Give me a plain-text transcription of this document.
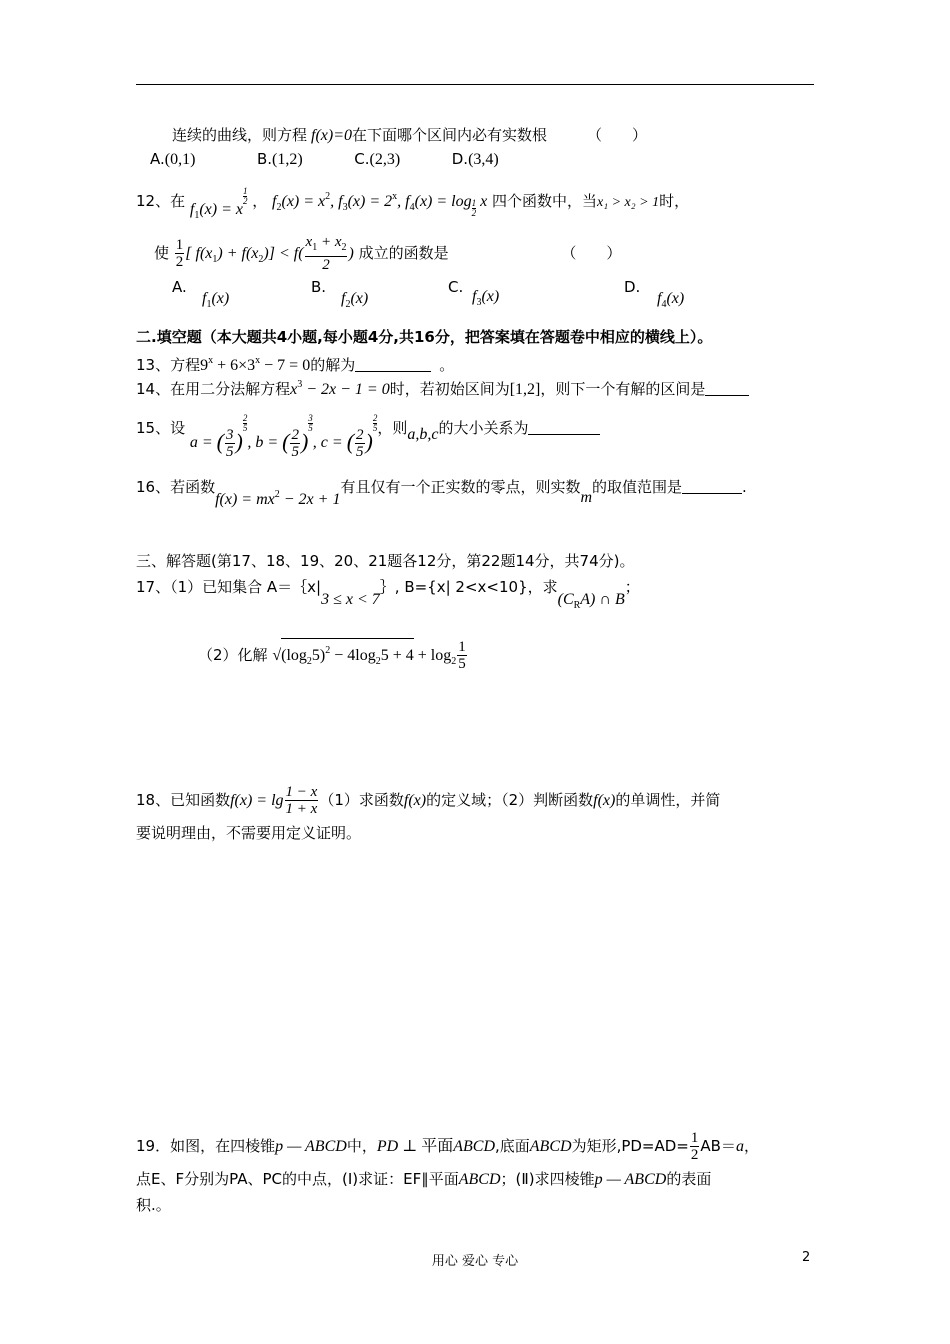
连续的曲线，则方程 f(x)=0在下面哪个区间内必有实数根	（　　）
A.(0,1)	B.(1,2)	C.(2,3)	D.(3,4)
12、在 $f_1(x) = x$
$\frac{1}{2}$ ， $f_2(x) = x^2$, $f_3(x) = 2^x$, $f_4(x) = \log \frac{1}{2}$ x 四个函数中，当x₁ > x₂ > 1时，
使 $\frac{1}{2}$ [ $f(x_1) + f(x_2)] < f( \frac{x_1 + x_2}{2}$ ) 成立的函数是	（　　）
A.
$f_1(x)$
B.
$f_2(x)$
C.
$f_3(x)$
D.
$f_4(x)$
二.填空题（本大题共4小题,每小题4分,共16分，把答案填在答题卷中相应的横线上）。
13、方程$9^x + 6\times 3^x - 7 = 0$的解为	。
14、在用二分法解方程$x^3 - 2x - 1 = 0$时，若初始区间为[1,2]，则下一个有解的区间是
15、设 a = ( $\frac{3}{5}$ )
$\frac{2}{5}$
, b = ( $\frac{2}{5}$ )
$\frac{3}{5}$
, c = ( $\frac{2}{5}$ )
$\frac{2}{5}$ ，则a,b,c的大小关系为
16、若函数$f(x) = mx^2 - 2x + 1$有且仅有一个正实数的零点，则实数m的取值范围是	.
三、解答题(第17、18、19、20、21题各12分，第22题14分，共74分)。
17、（1）已知集合 A＝｛x|3 ≤ x < 7｝, B={x| 2<x<10}，求$(C_RA)$ ∩ B；
（2）化解 $√(\log_25)^2 - 4\log_25 + 4 + \log_2 \frac{1}{5}$
18、已知函数$f(x) = \lg \frac{1 - x}{1 + x} (1)$求函数f(x)的定义域；（2）判断函数f(x)的单调性，并简
要说明理由，不需要用定义证明。
19．如图，在四棱锥p — ABCD中，PD ⊥ 平面ABCD,底面ABCD为矩形$,PD=AD= \frac{1}{2} AB=a$，
点E、F分别为PA、PC的中点，(Ⅰ)求证：EF∥平面ABCD；(Ⅱ)求四棱锥p — ABCD的表面
积.。
用心 爱心 专心	2
